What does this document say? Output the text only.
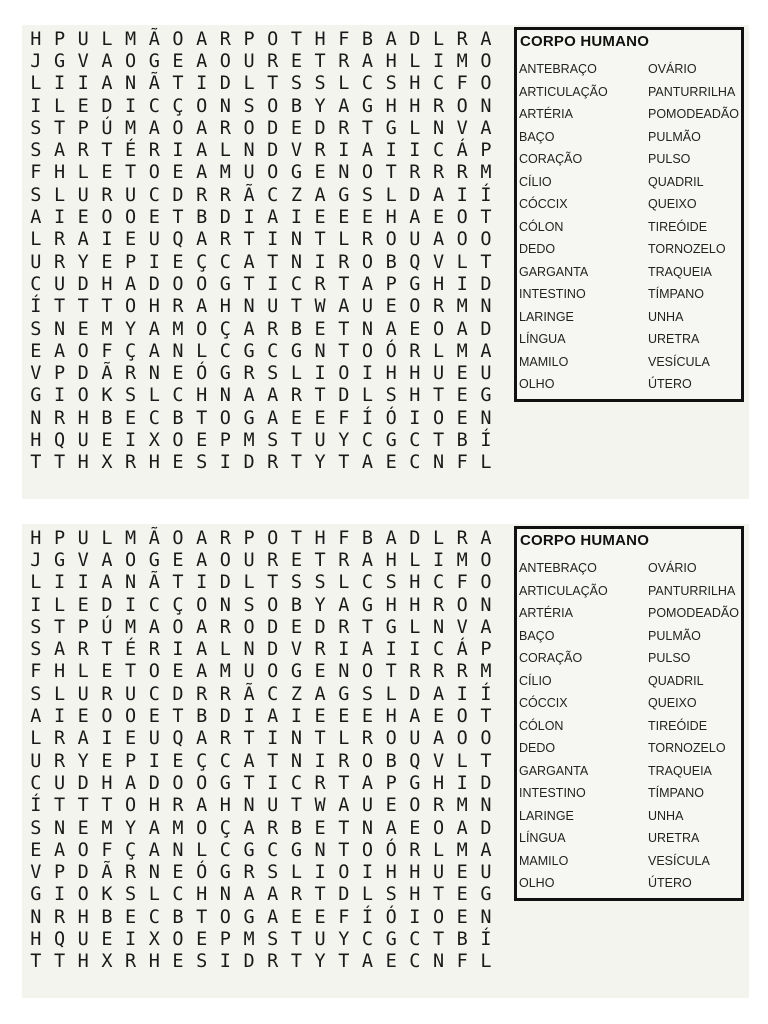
H P U L M Ã O A R P O T H F B A D L R A
J G V A O G E A O U R E T R A H L I M O
L I I A N Ã T I D L T S S L C S H C F O
I L E D I C Ç O N S O B Y A G H H R O N
S T P Ú M A O A R O D E D R T G L N V A
S A R T É R I A L N D V R I A I I C Á P
F H L E T O E A M U O G E N O T R R R M
S L U R U C D R R Ã C Z A G S L D A I Í
A I E O O E T B D I A I E E E H A E O T
L R A I E U Q A R T I N T L R O U A O O
U R Y E P I E Ç C A T N I R O B Q V L T
C U D H A D O O G T I C R T A P G H I D
Í T T T O H R A H N U T W A U E O R M N
S N E M Y A M O Ç A R B E T N A E O A D
E A O F Ç A N L C G C G N T O Ó R L M A
V P D Ã R N E Ó G R S L I O I H H U E U
G I O K S L C H N A A R T D L S H T E G
N R H B E C B T O G A E E F Í Ó I O E N
H Q U E I X O E P M S T U Y C G C T B Í
T T H X R H E S I D R T Y T A E C N F L
CORPO HUMANO
ANTEBRAÇO
ARTICULAÇÃO
ARTÉRIA
BAÇO
CORAÇÃO
CÍLIO
CÓCCIX
CÓLON
DEDO
GARGANTA
INTESTINO
LARINGE
LÍNGUA
MAMILO
OLHO
OVÁRIO
PANTURRILHA
POMODEADÃO
PULMÃO
PULSO
QUADRIL
QUEIXO
TIREÓIDE
TORNOZELO
TRAQUEIA
TÍMPANO
UNHA
URETRA
VESÍCULA
ÚTERO
H P U L M Ã O A R P O T H F B A D L R A
J G V A O G E A O U R E T R A H L I M O
L I I A N Ã T I D L T S S L C S H C F O
I L E D I C Ç O N S O B Y A G H H R O N
S T P Ú M A O A R O D E D R T G L N V A
S A R T É R I A L N D V R I A I I C Á P
F H L E T O E A M U O G E N O T R R R M
S L U R U C D R R Ã C Z A G S L D A I Í
A I E O O E T B D I A I E E E H A E O T
L R A I E U Q A R T I N T L R O U A O O
U R Y E P I E Ç C A T N I R O B Q V L T
C U D H A D O O G T I C R T A P G H I D
Í T T T O H R A H N U T W A U E O R M N
S N E M Y A M O Ç A R B E T N A E O A D
E A O F Ç A N L C G C G N T O Ó R L M A
V P D Ã R N E Ó G R S L I O I H H U E U
G I O K S L C H N A A R T D L S H T E G
N R H B E C B T O G A E E F Í Ó I O E N
H Q U E I X O E P M S T U Y C G C T B Í
T T H X R H E S I D R T Y T A E C N F L
CORPO HUMANO
ANTEBRAÇO
ARTICULAÇÃO
ARTÉRIA
BAÇO
CORAÇÃO
CÍLIO
CÓCCIX
CÓLON
DEDO
GARGANTA
INTESTINO
LARINGE
LÍNGUA
MAMILO
OLHO
OVÁRIO
PANTURRILHA
POMODEADÃO
PULMÃO
PULSO
QUADRIL
QUEIXO
TIREÓIDE
TORNOZELO
TRAQUEIA
TÍMPANO
UNHA
URETRA
VESÍCULA
ÚTERO
